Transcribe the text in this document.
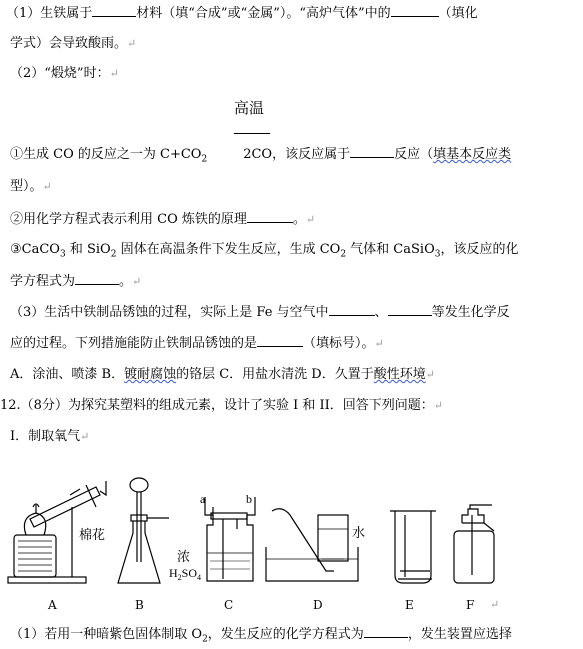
（1）生铁属于	材料（填“合成”或“金属”）。“高炉气体”中的	（填化
学式）会导致酸雨。↵
（2）“煅烧”时：↵
高温
①生成 CO 的反应之一为 $C+CO_2$	2CO，该反应属于	反应（填基本反应类
型）。↵
②用化学方程式表示利用 CO 炼铁的原理	。↵
③CaCO$_3$ 和 SiO$_2$ 固体在高温条件下发生反应，生成 $CO_2$ 气体和 CaSiO$_3$，该反应的化
学方程式为	。↵
（3）生活中铁制品锈蚀的过程，实际上是 Fe 与空气中	、	等发生化学反
应的过程。下列措施能防止铁制品锈蚀的是	（填标号）。↵
A．涂油、喷漆 B．镀耐腐蚀的铬层 C．用盐水清洗 D．久置于酸性环境↵
12.（8分）为探究某塑料的组成元素，设计了实验 I 和 II．回答下列问题：↵
I．制取氧气↵
棉花
浓
$H_2SO_4$
a	b
水
A	B	C	D	E	F ↵
（1）若用一种暗紫色固体制取 $O_2$，发生反应的化学方程式为	，发生装置应选择
